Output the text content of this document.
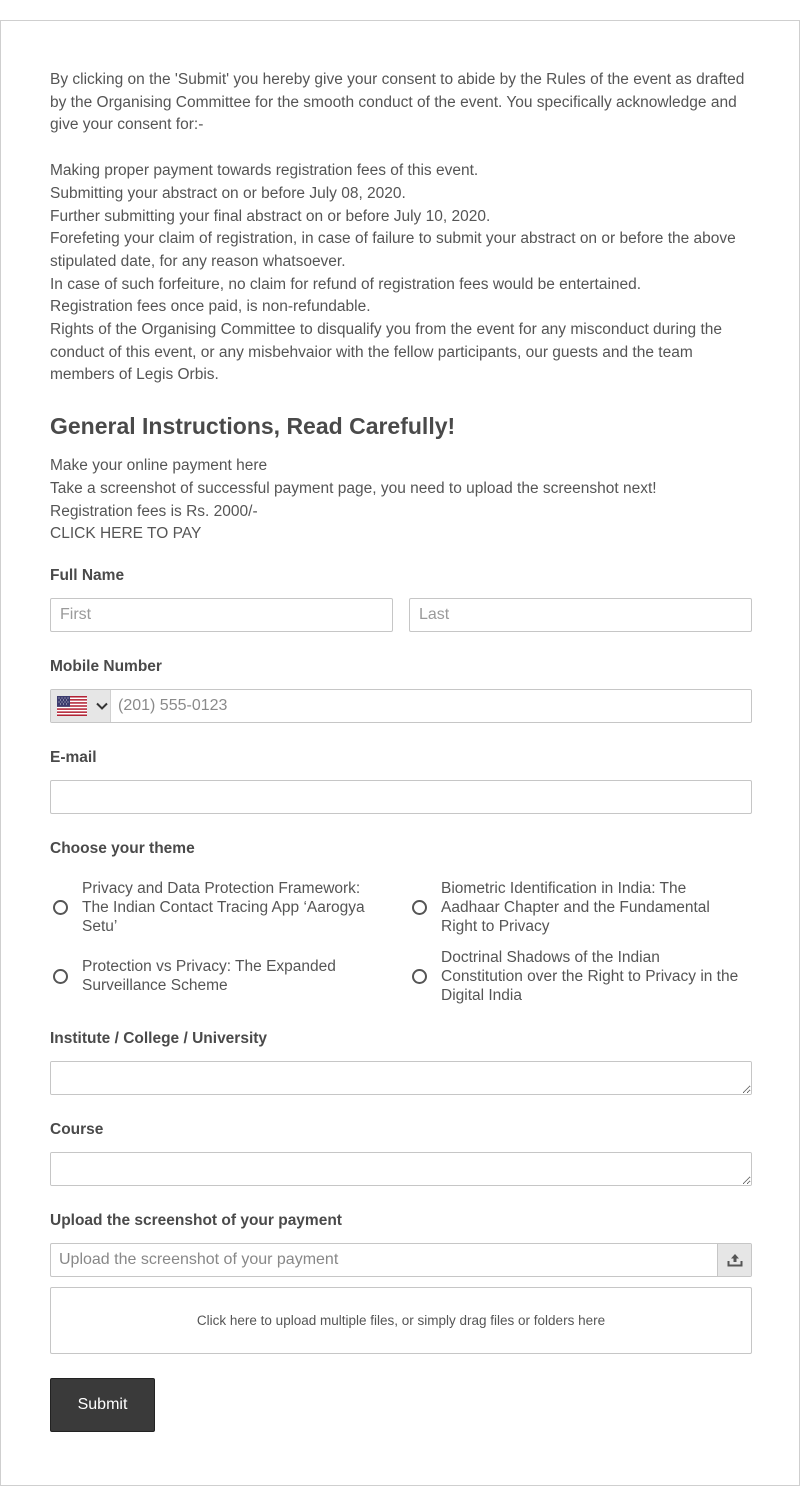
By clicking on the 'Submit' you hereby give your consent to abide by the Rules of the event as drafted by the Organising Committee for the smooth conduct of the event. You specifically acknowledge and give your consent for:-

Making proper payment towards registration fees of this event.

Submitting your abstract on or before July 08, 2020.

Further submitting your final abstract on or before July 10, 2020.

Forefeting your claim of registration, in case of failure to submit your abstract on or before the above stipulated date, for any reason whatsoever.

In case of such forfeiture, no claim for refund of registration fees would be entertained.

Registration fees once paid, is non-refundable.

Rights of the Organising Committee to disqualify you from the event for any misconduct during the conduct of this event, or any misbehvaior with the fellow participants, our guests and the team members of Legis Orbis.

General Instructions, Read Carefully!

Make your online payment here

Take a screenshot of successful payment page, you need to upload the screenshot next!

Registration fees is Rs. 2000/-

CLICK HERE TO PAY

Full Name
First
Last
Mobile Number
(201) 555-0123
E-mail
Choose your theme
Privacy and Data Protection Framework: The Indian Contact Tracing App ‘Aarogya Setu’
Biometric Identification in India: The Aadhaar Chapter and the Fundamental Right to Privacy
Protection vs Privacy: The Expanded Surveillance Scheme
Doctrinal Shadows of the Indian Constitution over the Right to Privacy in the Digital India
Institute / College / University
Course
Upload the screenshot of your payment
Upload the screenshot of your payment
Click here to upload multiple files, or simply drag files or folders here
Submit
